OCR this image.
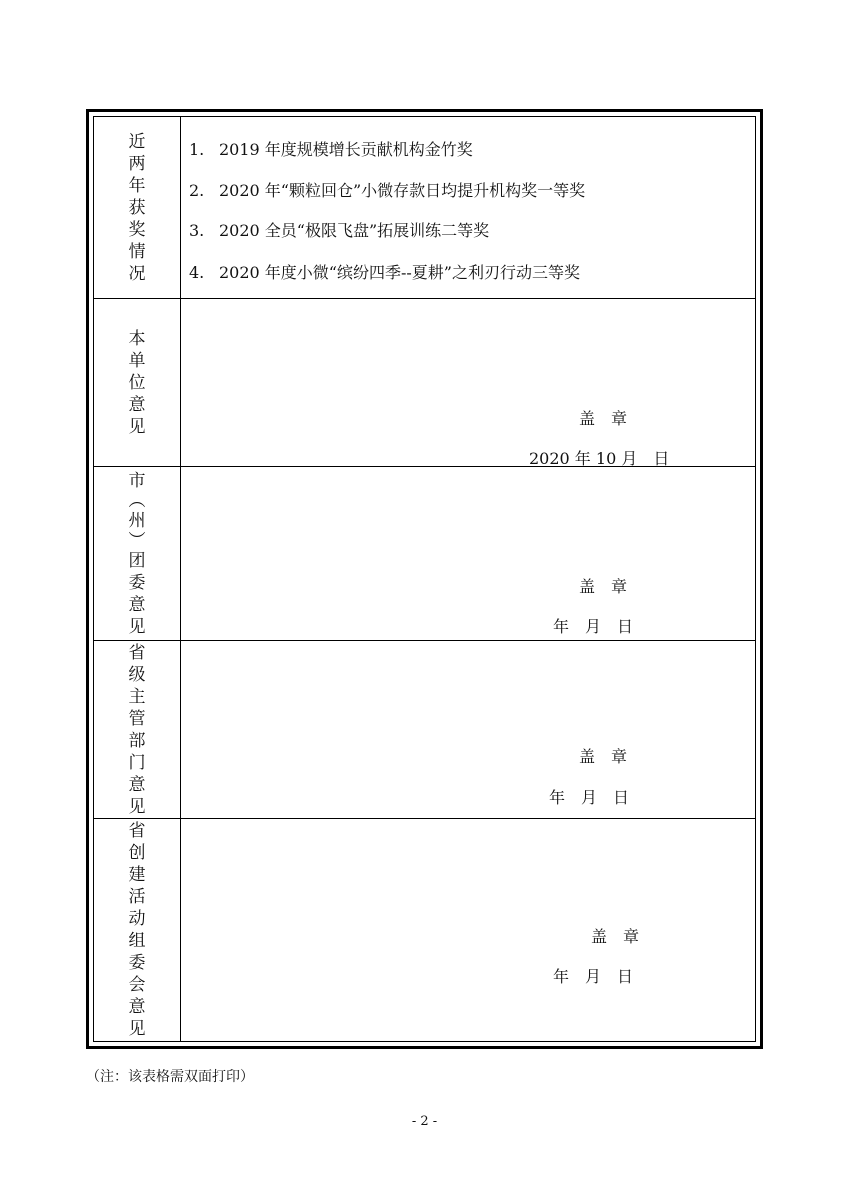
近
两
年
获
奖
情
况
1. 2019 年度规模增长贡献机构金竹奖
2. 2020 年“颗粒回仓”小微存款日均提升机构奖一等奖
3. 2020 全员“极限飞盘”拓展训练二等奖
4. 2020 年度小微“缤纷四季--夏耕”之利刃行动三等奖
本
单
位
意
见	盖　章
2020 年 10 月　日
市
︵
州
︶
团
委
意
见
盖　章
年　月　日
省
级
主
管
部
门
意
见
盖　章
年　月　日
省
创
建
活
动
组
委
会
意
见
盖　章
年　月　日
（注：该表格需双面打印）
- 2 -
